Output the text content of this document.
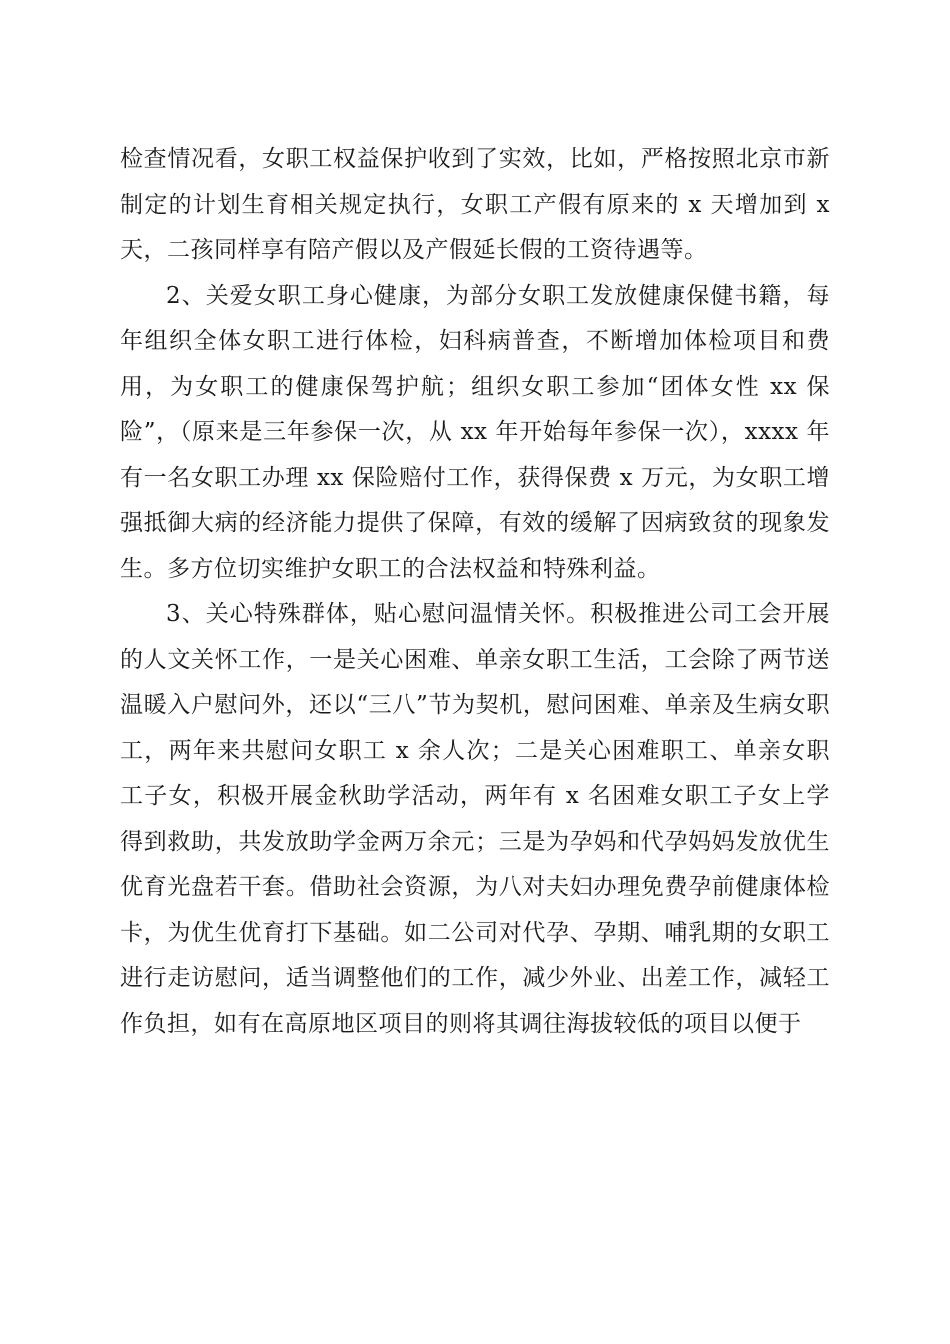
检查情况看，女职工权益保护收到了实效，比如，严格按照北京市新制定的计划生育相关规定执行，女职工产假有原来的 x 天增加到 x 天，二孩同样享有陪产假以及产假延长假的工资待遇等。

2、关爱女职工身心健康，为部分女职工发放健康保健书籍，每年组织全体女职工进行体检，妇科病普查，不断增加体检项目和费用，为女职工的健康保驾护航；组织女职工参加“团体女性 xx 保险”，（原来是三年参保一次，从 xx 年开始每年参保一次），xxxx 年有一名女职工办理 xx 保险赔付工作，获得保费 x 万元，为女职工增强抵御大病的经济能力提供了保障，有效的缓解了因病致贫的现象发生。多方位切实维护女职工的合法权益和特殊利益。

3、关心特殊群体，贴心慰问温情关怀。积极推进公司工会开展的人文关怀工作，一是关心困难、单亲女职工生活，工会除了两节送温暖入户慰问外，还以“三八”节为契机，慰问困难、单亲及生病女职工，两年来共慰问女职工 x 余人次；二是关心困难职工、单亲女职工子女，积极开展金秋助学活动，两年有 x 名困难女职工子女上学得到救助，共发放助学金两万余元；三是为孕妈和代孕妈妈发放优生优育光盘若干套。借助社会资源，为八对夫妇办理免费孕前健康体检卡，为优生优育打下基础。如二公司对代孕、孕期、哺乳期的女职工进行走访慰问，适当调整他们的工作，减少外业、出差工作，减轻工作负担，如有在高原地区项目的则将其调往海拔较低的项目以便于
